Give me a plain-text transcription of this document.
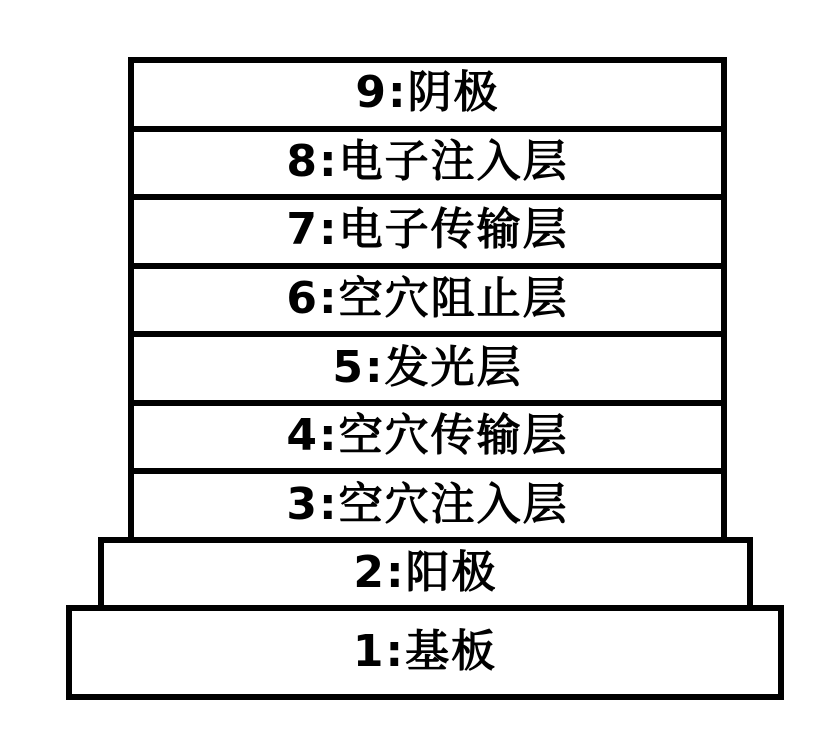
9:阴极
8:电子注入层
7:电子传输层
6:空穴阻止层
5:发光层
4:空穴传输层
3:空穴注入层
2:阳极
1:基板
